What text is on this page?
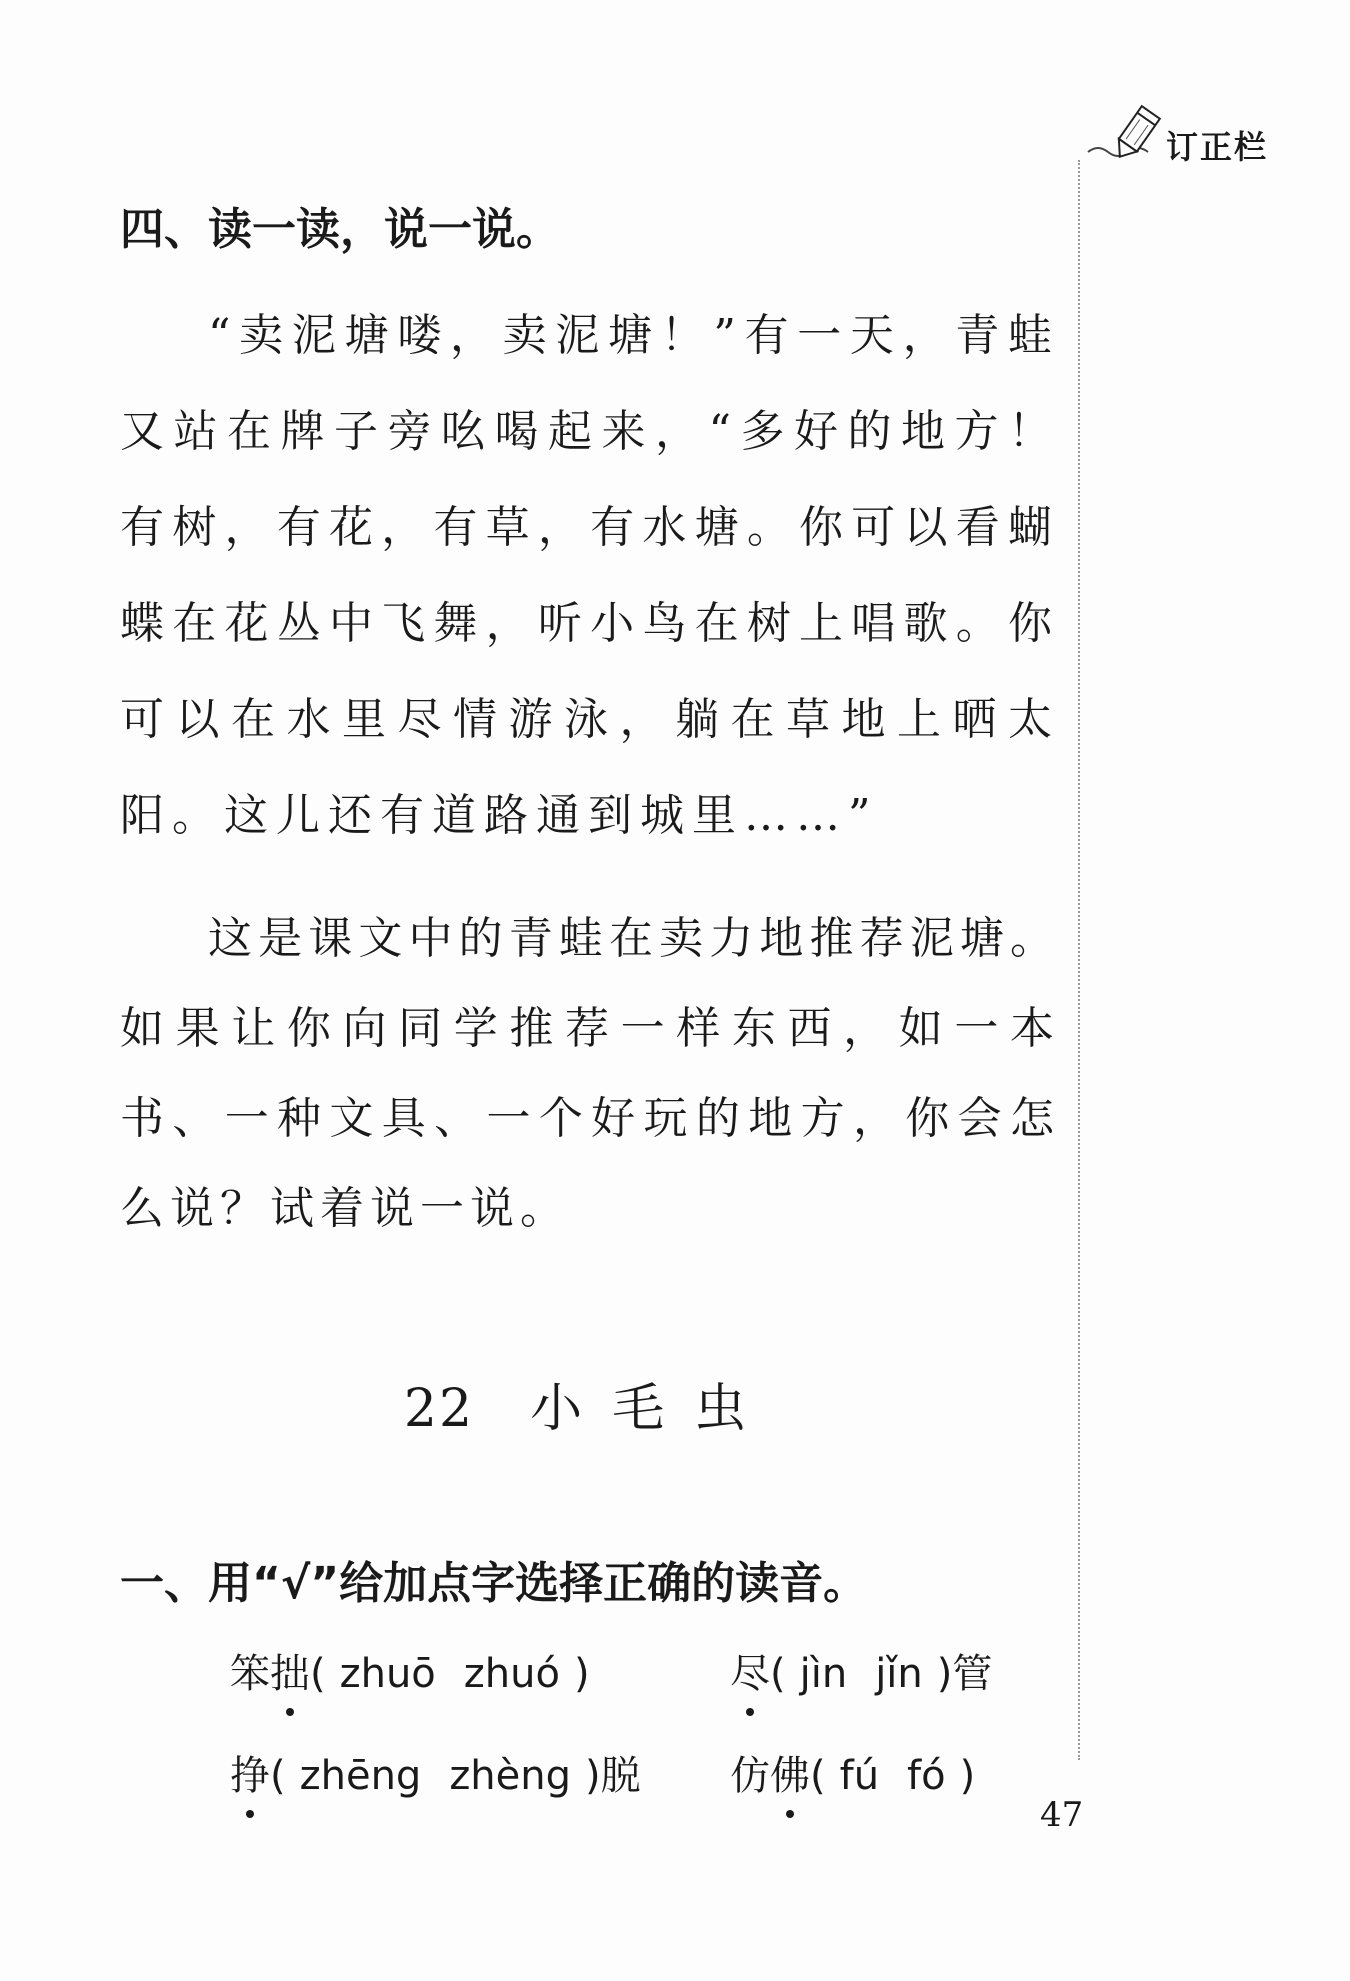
订正栏
四、读一读，说一说。

“卖泥塘喽，卖泥塘！”有一天，青蛙又站在牌子旁吆喝起来，“多好的地方！有树，有花，有草，有水塘。你可以看蝴蝶在花丛中飞舞，听小鸟在树上唱歌。你可以在水里尽情游泳，躺在草地上晒太阳。这儿还有道路通到城里……”

这是课文中的青蛙在卖力地推荐泥塘。如果让你向同学推荐一样东西，如一本书、一种文具、一个好玩的地方，你会怎么说？试着说一说。

22 小毛虫
一、用“√”给加点字选择正确的读音。
笨拙( zhuō zhuó )	尽( jìn jǐn )管
挣( zhēng zhèng )脱	仿佛( fú fó )
47
